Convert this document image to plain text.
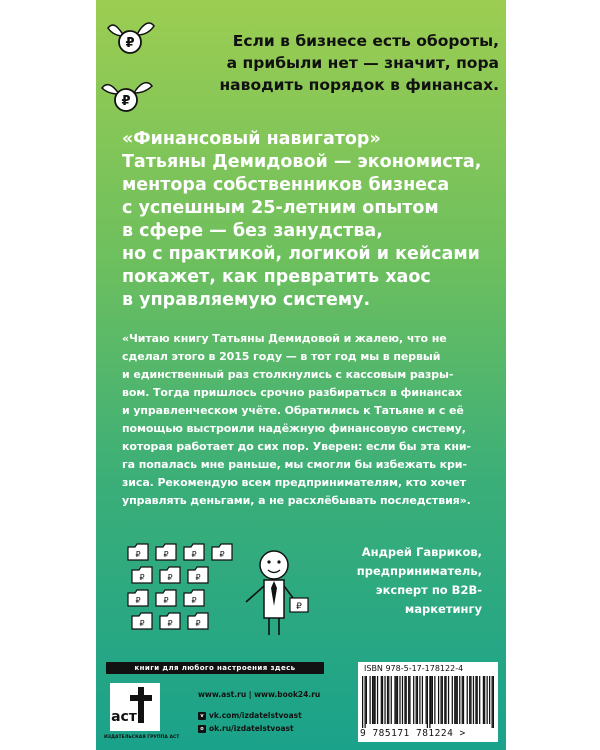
₽
₽
Если в бизнесе есть обороты,
а прибыли нет — значит, пора
наводить порядок в финансах.
«Финансовый навигатор»
Татьяны Демидовой — экономиста,
ментора собственников бизнеса
с успешным 25-летним опытом
в сфере — без занудства,
но с практикой, логикой и кейсами
покажет, как превратить хаос
в управляемую систему.
«Читаю книгу Татьяны Демидовой и жалею, что не
сделал этого в 2015 году — в тот год мы в первый
и единственный раз столкнулись с кассовым разры-
вом. Тогда пришлось срочно разбираться в финансах
и управленческом учёте. Обратились к Татьяне и с её
помощью выстроили надёжную финансовую систему,
которая работает до сих пор. Уверен: если бы эта кни-
га попалась мне раньше, мы смогли бы избежать кри-
зиса. Рекомендую всем предпринимателям, кто хочет
управлять деньгами, а не расхлёбывать последствия».
₽	₽	₽	₽
₽	₽	₽
₽	₽	₽
₽	₽	₽
₽
Андрей Гавриков,
предприниматель,
эксперт по B2B-
маркетингу
книги для любого настроения здесь
аст
ИЗДАТЕЛЬСКАЯ ГРУППА АСТ
www.ast.ru | www.book24.ru
v vk.com/izdatelstvoast
o ok.ru/izdatelstvoast
ISBN 978-5-17-178122-4
9 785171 781224 >
